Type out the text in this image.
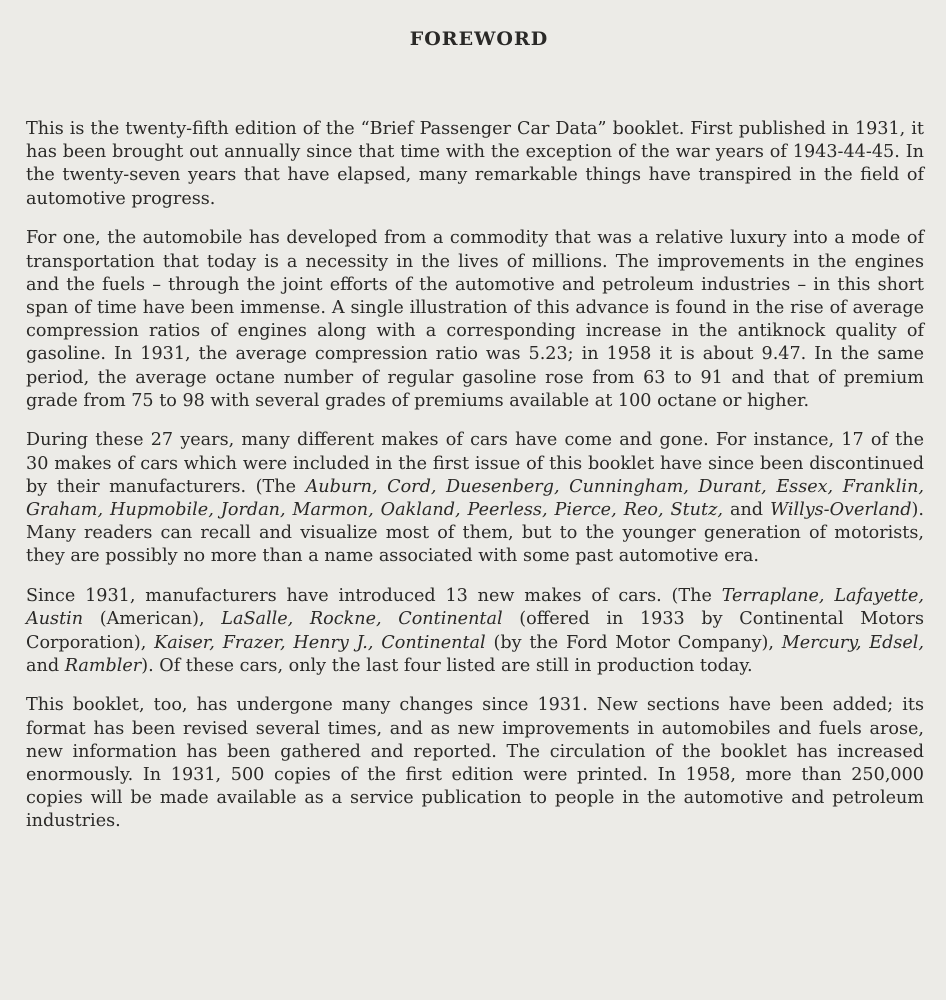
FOREWORD

This is the twenty-fifth edition of the “Brief Passenger Car Data” booklet. First published in 1931, it has been brought out annually since that time with the exception of the war years of 1943-44-45. In the twenty-seven years that have elapsed, many remarkable things have transpired in the field of automotive progress.

For one, the automobile has developed from a commodity that was a relative luxury into a mode of transportation that today is a necessity in the lives of millions. The improvements in the engines and the fuels – through the joint efforts of the automotive and petroleum industries – in this short span of time have been immense. A single illustration of this advance is found in the rise of average compression ratios of engines along with a corresponding increase in the antiknock quality of gasoline. In 1931, the average compression ratio was 5.23; in 1958 it is about 9.47. In the same period, the average octane number of regular gasoline rose from 63 to 91 and that of premium grade from 75 to 98 with several grades of premiums available at 100 octane or higher.

During these 27 years, many different makes of cars have come and gone. For instance, 17 of the 30 makes of cars which were included in the first issue of this booklet have since been discontinued by their manufacturers. (The Auburn, Cord, Duesenberg, Cunningham, Durant, Essex, Franklin, Graham, Hupmobile, Jordan, Marmon, Oakland, Peerless, Pierce, Reo, Stutz, and Willys-Overland). Many readers can recall and visualize most of them, but to the younger generation of motorists, they are possibly no more than a name associated with some past automotive era.

Since 1931, manufacturers have introduced 13 new makes of cars. (The Terraplane, Lafayette, Austin (American), LaSalle, Rockne, Continental (offered in 1933 by Continental Motors Corporation), Kaiser, Frazer, Henry J., Continental (by the Ford Motor Company), Mercury, Edsel, and Rambler). Of these cars, only the last four listed are still in production today.

This booklet, too, has undergone many changes since 1931. New sections have been added; its format has been revised several times, and as new improvements in automobiles and fuels arose, new information has been gathered and reported. The circulation of the booklet has increased enormously. In 1931, 500 copies of the first edition were printed. In 1958, more than 250,000 copies will be made available as a service publication to people in the automotive and petroleum industries.
